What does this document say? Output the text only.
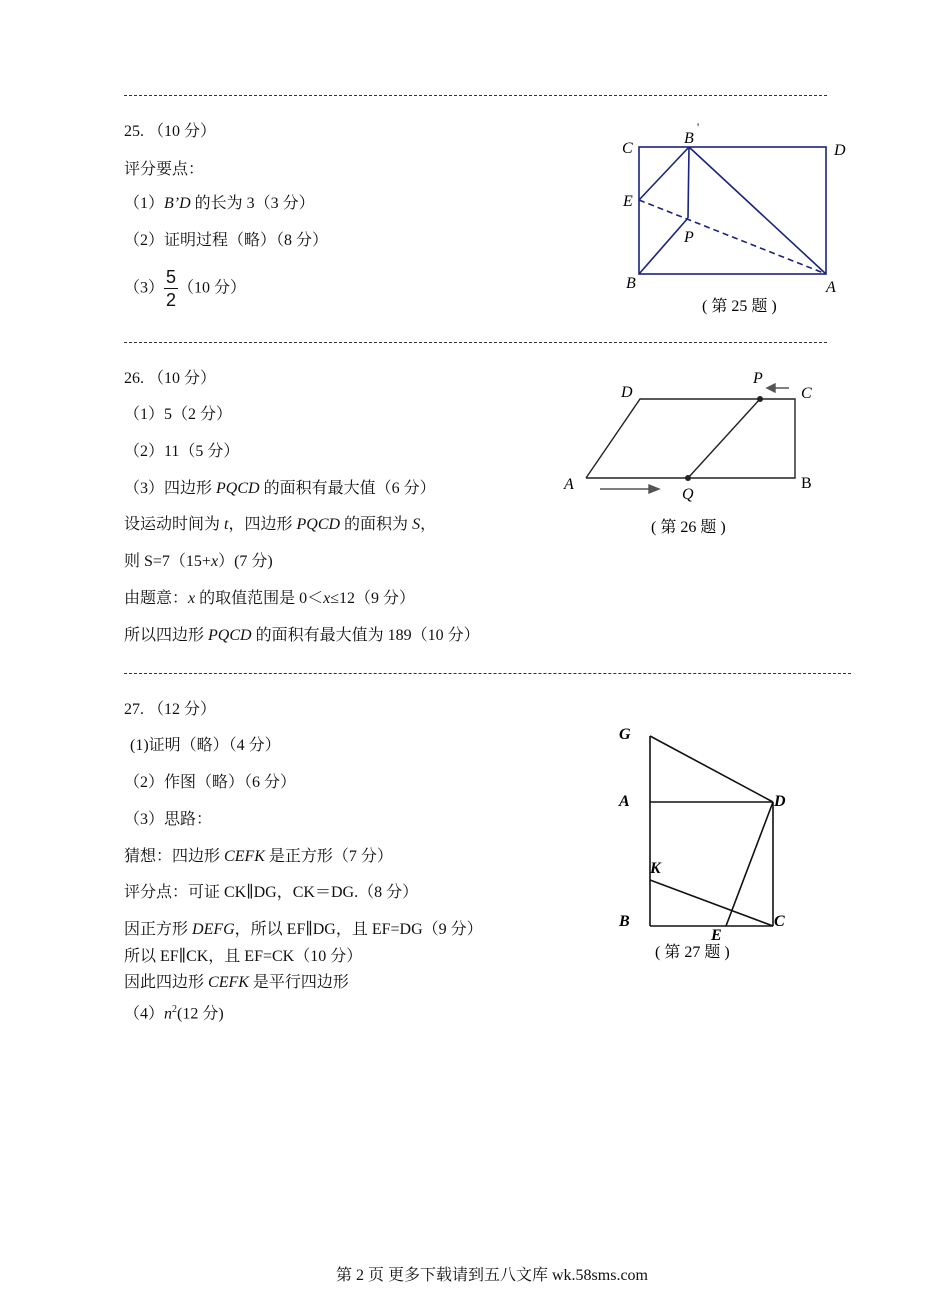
25. （10 分）
评分要点：
（1）B’D 的长为 3（3 分）
（2）证明过程（略）（8 分）
$(3) \frac{5}{2} (10$ 分）
C
B
'
D
E
P
B	A
( 第 25 题 )
26. （10 分）
（1）5（2 分）
（2）11（5 分）
（3）四边形 PQCD 的面积有最大值（6 分）
设运动时间为 t，四边形 PQCD 的面积为 S，
则 S=7（15+x）(7 分)
由题意：x 的取值范围是 0＜x≤12（9 分）
所以四边形 PQCD 的面积有最大值为 189（10 分）
D
P
C
A
Q
B
( 第 26 题 )
27. （12 分）
(1)证明（略）（4 分）
（2）作图（略）（6 分）
（3）思路：
猜想：四边形 CEFK 是正方形（7 分）
评分点：可证 CK∥DG，CK＝DG.（8 分）
因正方形 DEFG，所以 EF∥DG，且 EF=DG（9 分）
所以 EF∥CK，且 EF=CK（10 分）
因此四边形 CEFK 是平行四边形
$(4)n^2(12$ 分)
G
A	D
K
B	C
E
( 第 27 题 )
第 2 页 更多下载请到五八文库 wk.58sms.com
